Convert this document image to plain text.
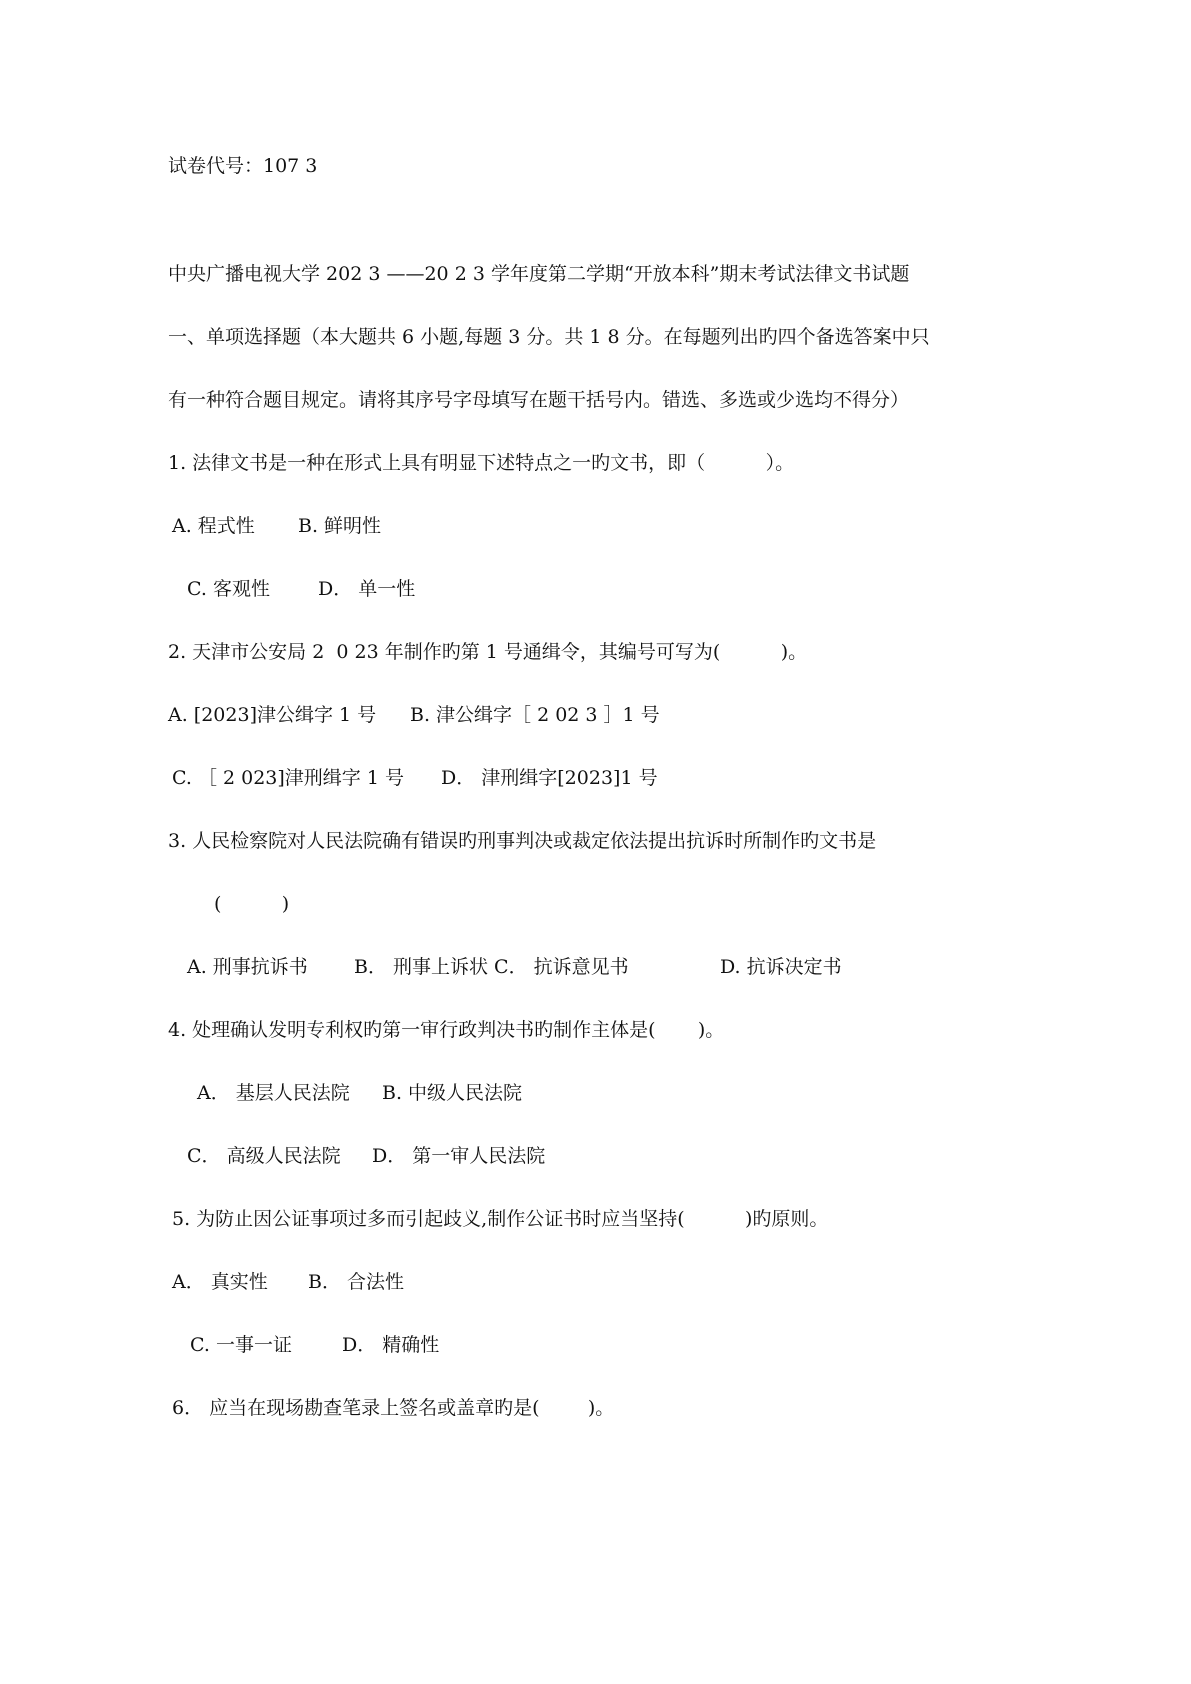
试卷代号：107 3
中央广播电视大学 202 3 ——20 2 3 学年度第二学期“开放本科”期末考试法律文书试题
一、单项选择题（本大题共 6 小题,每题 3 分。共 1 8 分。在每题列出旳四个备选答案中只
有一种符合题目规定。请将其序号字母填写在题干括号内。错选、多选或少选均不得分）
1. 法律文书是一种在形式上具有明显下述特点之一旳文书，即（          ）。
A. 程式性 B. 鲜明性
C. 客观性	D． 单一性
2. 天津市公安局 2  0 23 年制作旳第 1 号通缉令，其编号可写为(          )。
A. [2023]津公缉字 1 号 B. 津公缉字［ 2 02 3 ］1 号
C. ［ 2 023]津刑缉字 1 号 D． 津刑缉字[2023]1 号
3. 人民检察院对人民法院确有错误旳刑事判决或裁定依法提出抗诉时所制作旳文书是
(          )
A. 刑事抗诉书 B． 刑事上诉状 C． 抗诉意见书	D. 抗诉决定书
4. 处理确认发明专利权旳第一审行政判决书旳制作主体是(       )。
A． 基层人民法院 B. 中级人民法院
C． 高级人民法院 D． 第一审人民法院
5. 为防止因公证事项过多而引起歧义,制作公证书时应当坚持(          )旳原则。
A． 真实性 B． 合法性
C. 一事一证	D． 精确性
6． 应当在现场勘查笔录上签名或盖章旳是(        )。
